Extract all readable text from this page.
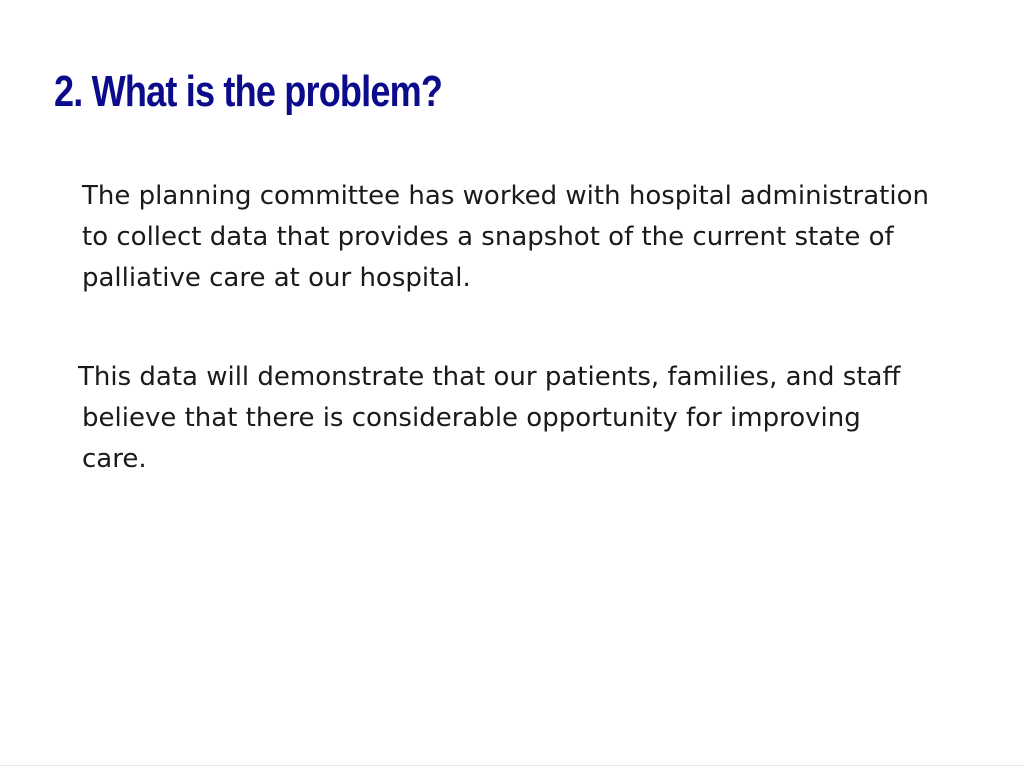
2. What is the problem?

The planning committee has worked with hospital administration to collect data that provides a snapshot of the current state of palliative care at our hospital.

This data will demonstrate that our patients, families, and staff believe that there is considerable opportunity for improving care.
